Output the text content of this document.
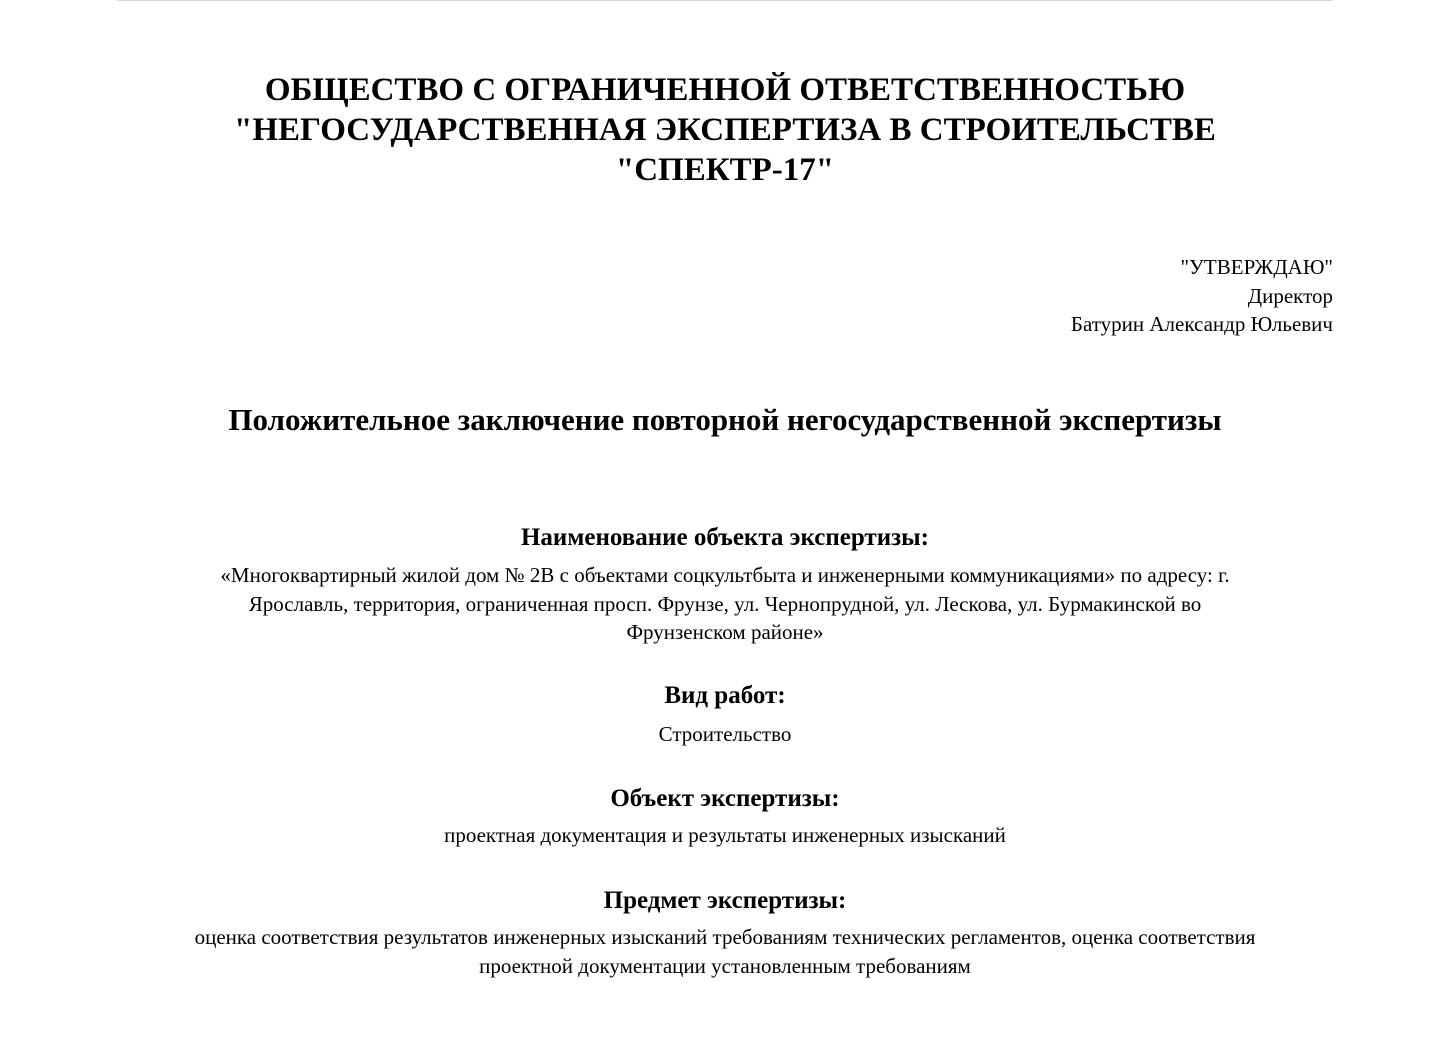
ОБЩЕСТВО С ОГРАНИЧЕННОЙ ОТВЕТСТВЕННОСТЬЮ
"НЕГОСУДАРСТВЕННАЯ ЭКСПЕРТИЗА В СТРОИТЕЛЬСТВЕ
"СПЕКТР-17"
"УТВЕРЖДАЮ"
Директор
Батурин Александр Юльевич
Положительное заключение повторной негосударственной экспертизы
Наименование объекта экспертизы:
«Многоквартирный жилой дом № 2В с объектами соцкультбыта и инженерными коммуникациями» по адресу: г.
Ярославль, территория, ограниченная просп. Фрунзе, ул. Чернопрудной, ул. Лескова, ул. Бурмакинской во
Фрунзенском районе»
Вид работ:
Строительство
Объект экспертизы:
проектная документация и результаты инженерных изысканий
Предмет экспертизы:
оценка соответствия результатов инженерных изысканий требованиям технических регламентов, оценка соответствия
проектной документации установленным требованиям
